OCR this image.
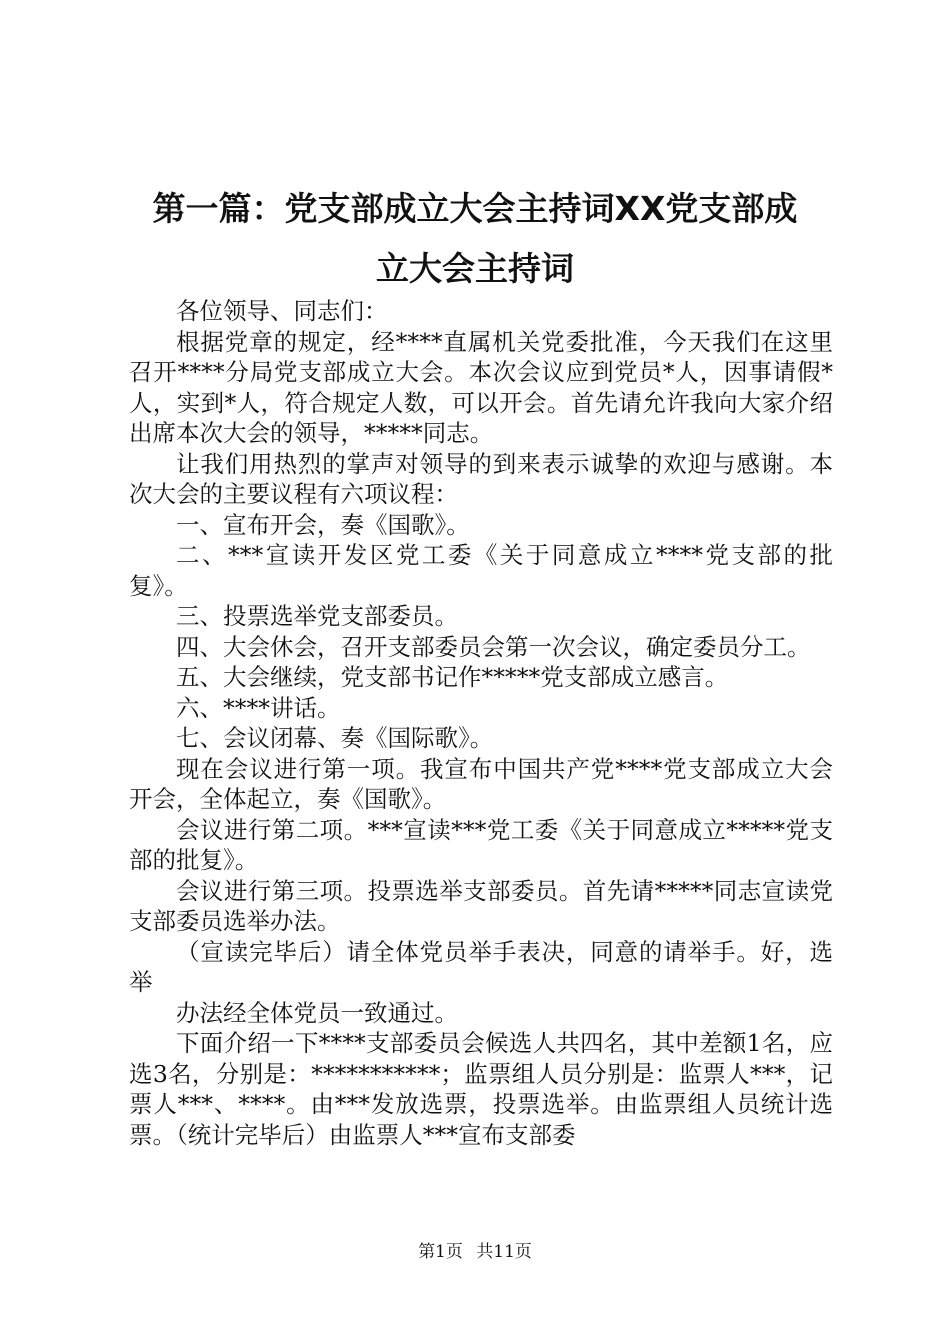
第一篇：党支部成立大会主持词XX党支部成
立大会主持词

各位领导、同志们：

根据党章的规定，经****直属机关党委批准，今天我们在这里召开****分局党支部成立大会。本次会议应到党员*人，因事请假*人，实到*人，符合规定人数，可以开会。首先请允许我向大家介绍出席本次大会的领导，*****同志。

让我们用热烈的掌声对领导的到来表示诚挚的欢迎与感谢。本次大会的主要议程有六项议程：

一、宣布开会，奏《国歌》。

二、***宣读开发区党工委《关于同意成立****党支部的批复》。

三、投票选举党支部委员。

四、大会休会，召开支部委员会第一次会议，确定委员分工。

五、大会继续，党支部书记作*****党支部成立感言。

六、****讲话。

七、会议闭幕、奏《国际歌》。

现在会议进行第一项。我宣布中国共产党****党支部成立大会开会，全体起立，奏《国歌》。

会议进行第二项。***宣读***党工委《关于同意成立*****党支部的批复》。

会议进行第三项。投票选举支部委员。首先请*****同志宣读党支部委员选举办法。

（宣读完毕后）请全体党员举手表决，同意的请举手。好，选举

办法经全体党员一致通过。

下面介绍一下****支部委员会候选人共四名，其中差额1名，应选3名，分别是：***********；监票组人员分别是：监票人***，记票人***、****。由***发放选票，投票选举。由监票组人员统计选票。（统计完毕后）由监票人***宣布支部委

第1页 共11页
